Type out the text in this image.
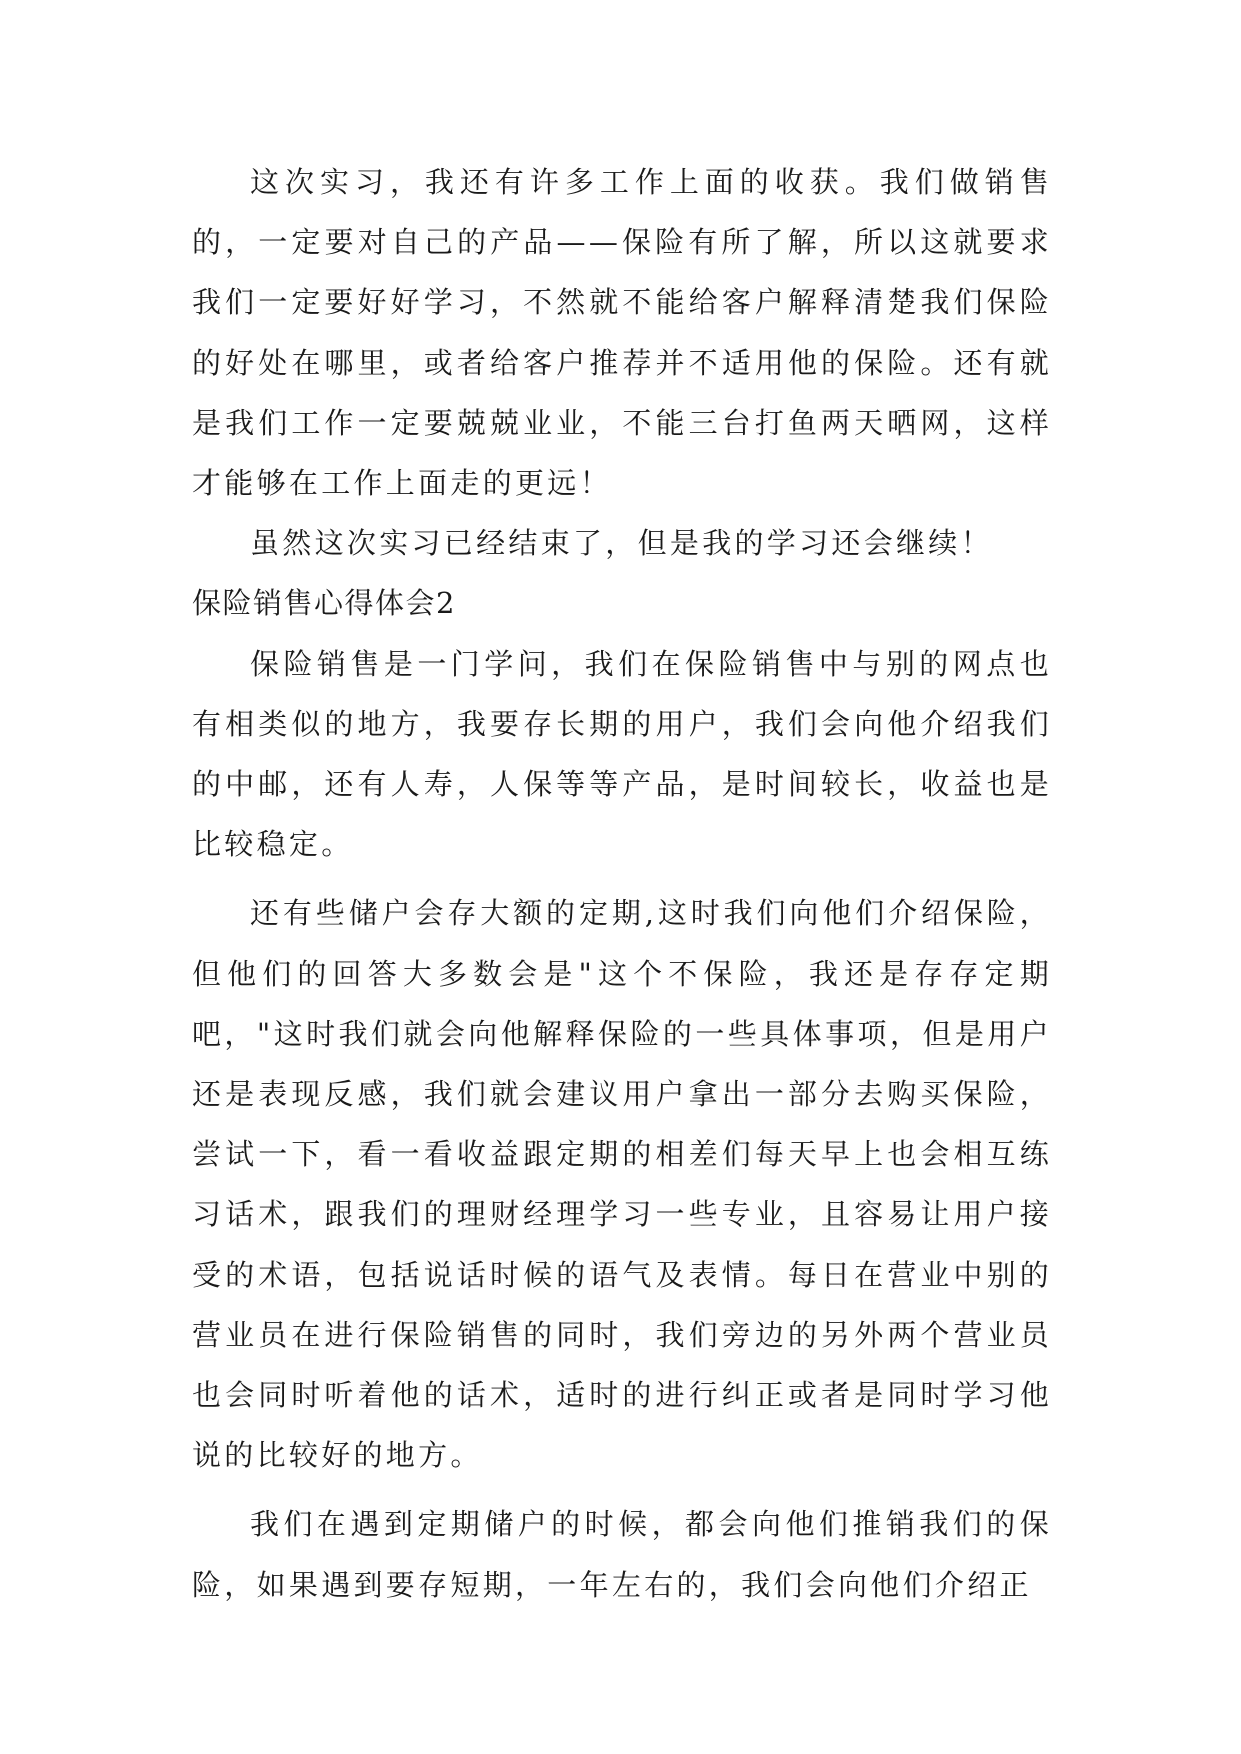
这次实习，我还有许多工作上面的收获。我们做销售的，一定要对自己的产品——保险有所了解，所以这就要求我们一定要好好学习，不然就不能给客户解释清楚我们保险的好处在哪里，或者给客户推荐并不适用他的保险。还有就是我们工作一定要兢兢业业，不能三台打鱼两天晒网，这样才能够在工作上面走的更远！

虽然这次实习已经结束了，但是我的学习还会继续！

保险销售心得体会2

保险销售是一门学问，我们在保险销售中与别的网点也有相类似的地方，我要存长期的用户，我们会向他介绍我们的中邮，还有人寿，人保等等产品，是时间较长，收益也是比较稳定。

还有些储户会存大额的定期,这时我们向他们介绍保险，但他们的回答大多数会是"这个不保险，我还是存存定期吧，"这时我们就会向他解释保险的一些具体事项，但是用户还是表现反感，我们就会建议用户拿出一部分去购买保险，尝试一下，看一看收益跟定期的相差们每天早上也会相互练习话术，跟我们的理财经理学习一些专业，且容易让用户接受的术语，包括说话时候的语气及表情。每日在营业中别的营业员在进行保险销售的同时，我们旁边的另外两个营业员也会同时听着他的话术，适时的进行纠正或者是同时学习他说的比较好的地方。

我们在遇到定期储户的时候，都会向他们推销我们的保险，如果遇到要存短期，一年左右的，我们会向他们介绍正
